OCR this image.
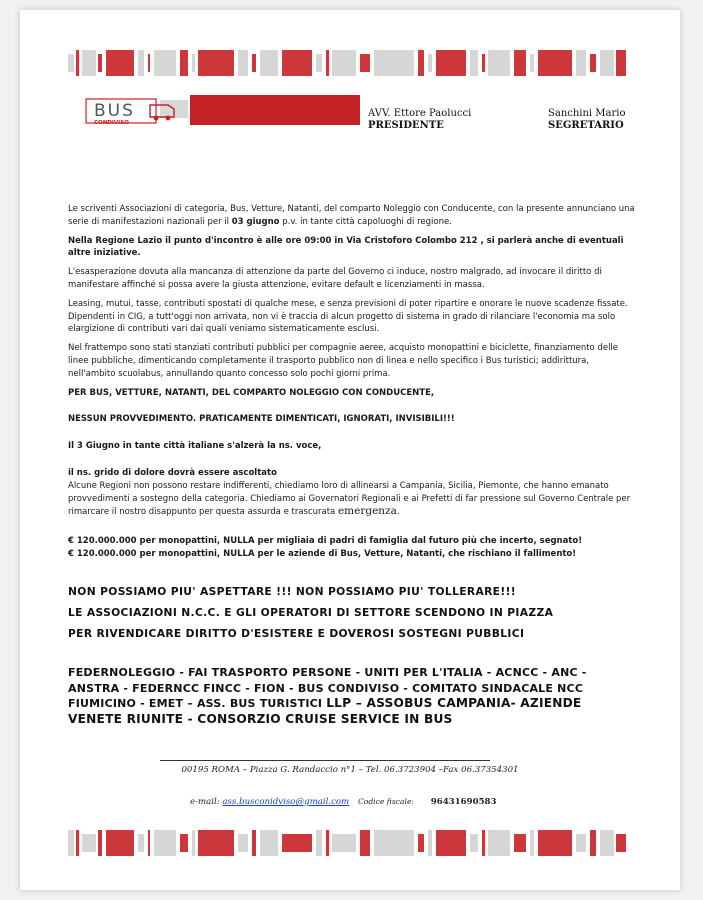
BUS
CONDIVISO
AVV. Ettore Paolucci
PRESIDENTE
Sanchini Mario
SEGRETARIO

Le scriventi Associazioni di categoria, Bus, Vetture, Natanti, del comparto Noleggio con Conducente, con la presente annunciano una serie di manifestazioni nazionali per il 03 giugno p.v. in tante città capoluoghi di regione.

Nella Regione Lazio il punto d'incontro è alle ore 09:00 in Via Cristoforo Colombo 212 , si parlerà anche di eventuali altre iniziative.

L'esasperazione dovuta alla mancanza di attenzione da parte del Governo ci induce, nostro malgrado, ad invocare il diritto di manifestare affinché si possa avere la giusta attenzione, evitare default e licenziamenti in massa.

Leasing, mutui, tasse, contributi spostati di qualche mese, e senza previsioni di poter ripartire e onorare le nuove scadenze fissate. Dipendenti in CIG, a tutt'oggi non arrivata, non vi è traccia di alcun progetto di sistema in grado di rilanciare l'economia ma solo elargizione di contributi vari dai quali veniamo sistematicamente esclusi.

Nel frattempo sono stati stanziati contributi pubblici per compagnie aeree, acquisto monopattini e biciclette, finanziamento delle linee pubbliche, dimenticando completamente il trasporto pubblico non di linea e nello specifico i Bus turistici; addirittura, nell'ambito scuolabus, annullando quanto concesso solo pochi giorni prima.

PER BUS, VETTURE, NATANTI, DEL COMPARTO NOLEGGIO CON CONDUCENTE,

NESSUN PROVVEDIMENTO. PRATICAMENTE DIMENTICATI, IGNORATI, INVISIBILI!!!

Il 3 Giugno in tante città italiane s'alzerà la ns. voce,

il ns. grido di dolore dovrà essere ascoltato
Alcune Regioni non possono restare indifferenti, chiediamo loro di allinearsi a Campania, Sicilia, Piemonte, che hanno emanato provvedimenti a sostegno della categoria. Chiediamo ai Governatori Regionali e ai Prefetti di far pressione sul Governo Centrale per rimarcare il nostro disappunto per questa assurda e trascurata emergenza.

€ 120.000.000 per monopattini, NULLA per migliaia di padri di famiglia dal futuro più che incerto, segnato!
€ 120.000.000 per monopattini, NULLA per le aziende di Bus, Vetture, Natanti, che rischiano il fallimento!

NON POSSIAMO PIU' ASPETTARE !!! NON POSSIAMO PIU' TOLLERARE!!!
LE ASSOCIAZIONI N.C.C. E GLI OPERATORI DI SETTORE SCENDONO IN PIAZZA
PER RIVENDICARE DIRITTO D'ESISTERE E DOVEROSI SOSTEGNI PUBBLICI
FEDERNOLEGGIO - FAI TRASPORTO PERSONE - UNITI PER L'ITALIA - ACNCC - ANC - ANSTRA - FEDERNCC FINCC - FION - BUS CONDIVISO - COMITATO SINDACALE NCC FIUMICINO - EMET – ASS. BUS TURISTICI LLP – ASSOBUS CAMPANIA- AZIENDE VENETE RIUNITE - CONSORZIO CRUISE SERVICE IN BUS
00195 ROMA – Piazza G. Randaccio n°1 – Tel. 06.3723904 –Fax 06.37354301
e-mail: ass.busconidviso@gmail.com Codice fiscale: 96431690583
